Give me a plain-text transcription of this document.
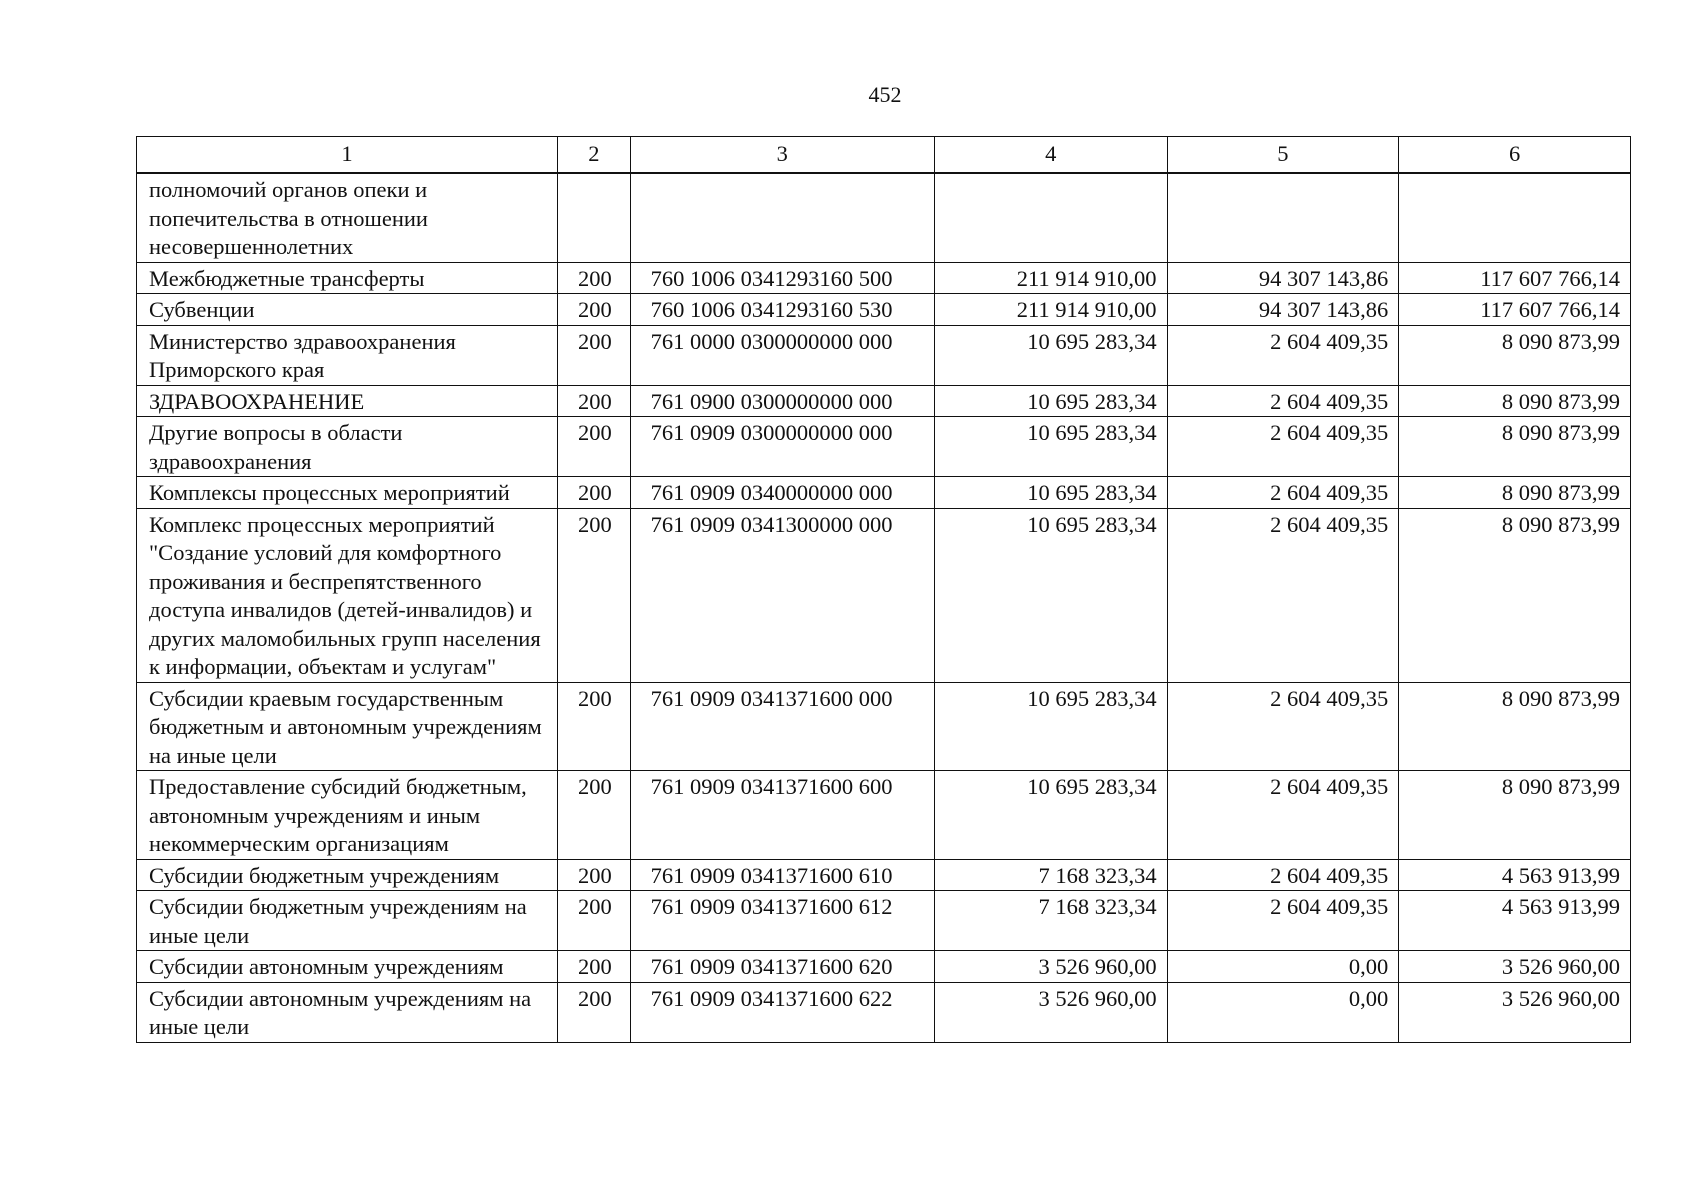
452
1	2	3	4	5	6
полномочий органов опеки и попечительства в отношении несовершеннолетних					
Межбюджетные трансферты	200	760 1006 0341293160 500	211 914 910,00	94 307 143,86	117 607 766,14
Субвенции	200	760 1006 0341293160 530	211 914 910,00	94 307 143,86	117 607 766,14
Министерство здравоохранения Приморского края	200	761 0000 0300000000 000	10 695 283,34	2 604 409,35	8 090 873,99
ЗДРАВООХРАНЕНИЕ	200	761 0900 0300000000 000	10 695 283,34	2 604 409,35	8 090 873,99
Другие вопросы в области здравоохранения	200	761 0909 0300000000 000	10 695 283,34	2 604 409,35	8 090 873,99
Комплексы процессных мероприятий	200	761 0909 0340000000 000	10 695 283,34	2 604 409,35	8 090 873,99
Комплекс процессных мероприятий "Создание условий для комфортного проживания и беспрепятственного доступа инвалидов (детей-инвалидов) и других маломобильных групп населения к информации, объектам и услугам"	200	761 0909 0341300000 000	10 695 283,34	2 604 409,35	8 090 873,99
Субсидии краевым государственным бюджетным и автономным учреждениям на иные цели	200	761 0909 0341371600 000	10 695 283,34	2 604 409,35	8 090 873,99
Предоставление субсидий бюджетным, автономным учреждениям и иным некоммерческим организациям	200	761 0909 0341371600 600	10 695 283,34	2 604 409,35	8 090 873,99
Субсидии бюджетным учреждениям	200	761 0909 0341371600 610	7 168 323,34	2 604 409,35	4 563 913,99
Субсидии бюджетным учреждениям на иные цели	200	761 0909 0341371600 612	7 168 323,34	2 604 409,35	4 563 913,99
Субсидии автономным учреждениям	200	761 0909 0341371600 620	3 526 960,00	0,00	3 526 960,00
Субсидии автономным учреждениям на иные цели	200	761 0909 0341371600 622	3 526 960,00	0,00	3 526 960,00
